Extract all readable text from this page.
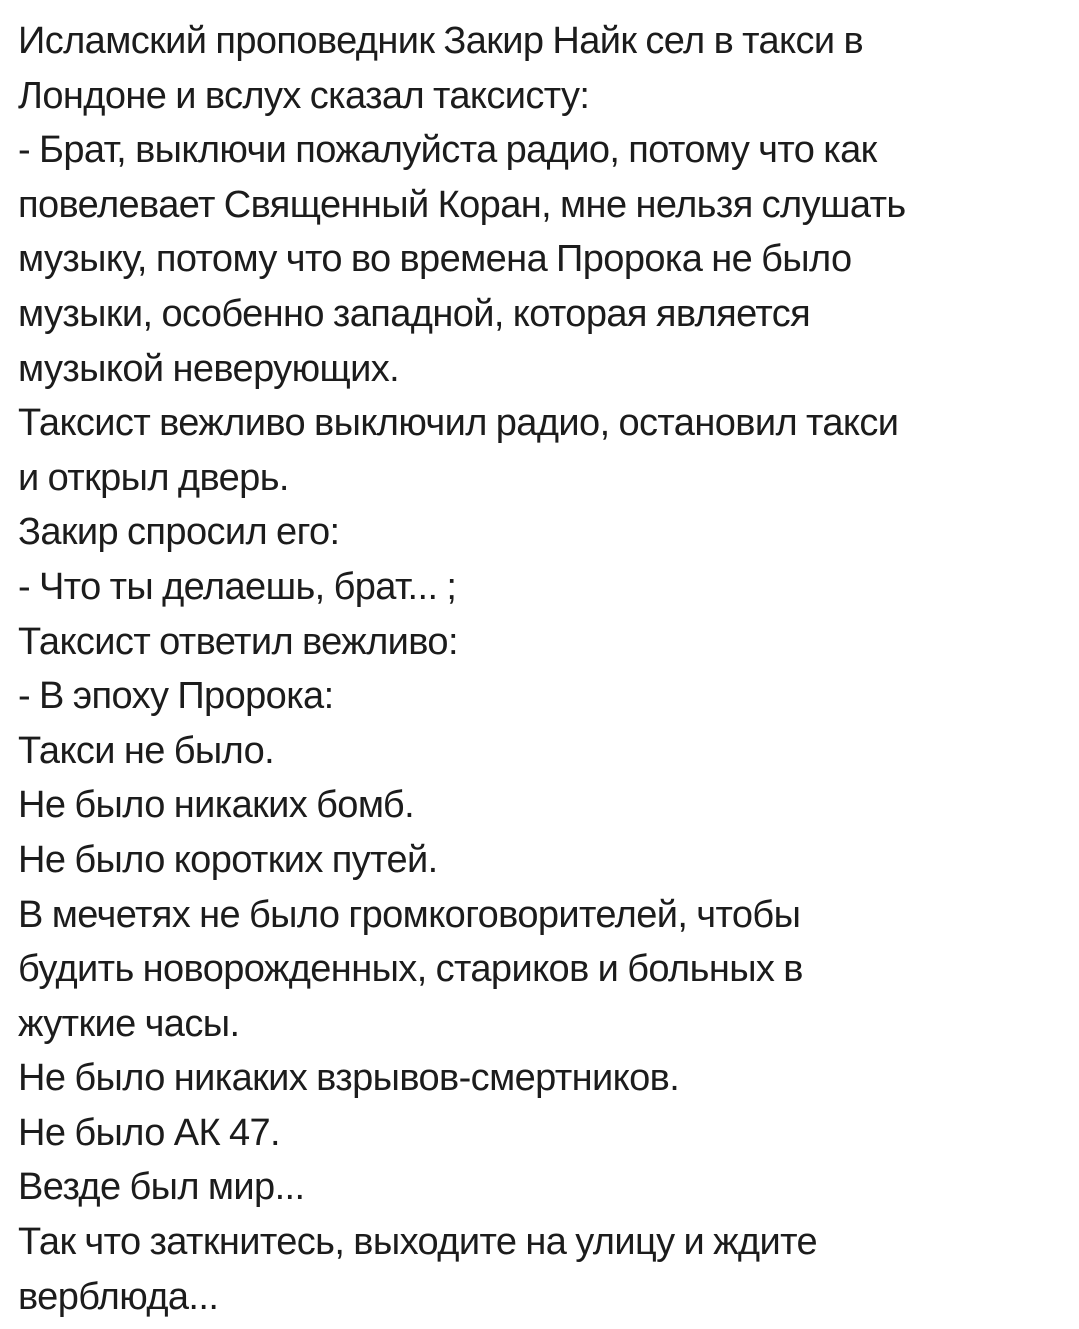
Исламский проповедник Закир Найк сел в такси в
Лондоне и вслух сказал таксисту:
- Брат, выключи пожалуйста радио, потому что как
повелевает Священный Коран, мне нельзя слушать
музыку, потому что во времена Пророка не было
музыки, особенно западной, которая является
музыкой неверующих.
Таксист вежливо выключил радио, остановил такси
и открыл дверь.
Закир спросил его:
- Что ты делаешь, брат... ;
Таксист ответил вежливо:
- В эпоху Пророка:
Такси не было.
Не было никаких бомб.
Не было коротких путей.
В мечетях не было громкоговорителей, чтобы
будить новорожденных, стариков и больных в
жуткие часы.
Не было никаких взрывов-смертников.
Не было АК 47.
Везде был мир...
Так что заткнитесь, выходите на улицу и ждите
верблюда...
